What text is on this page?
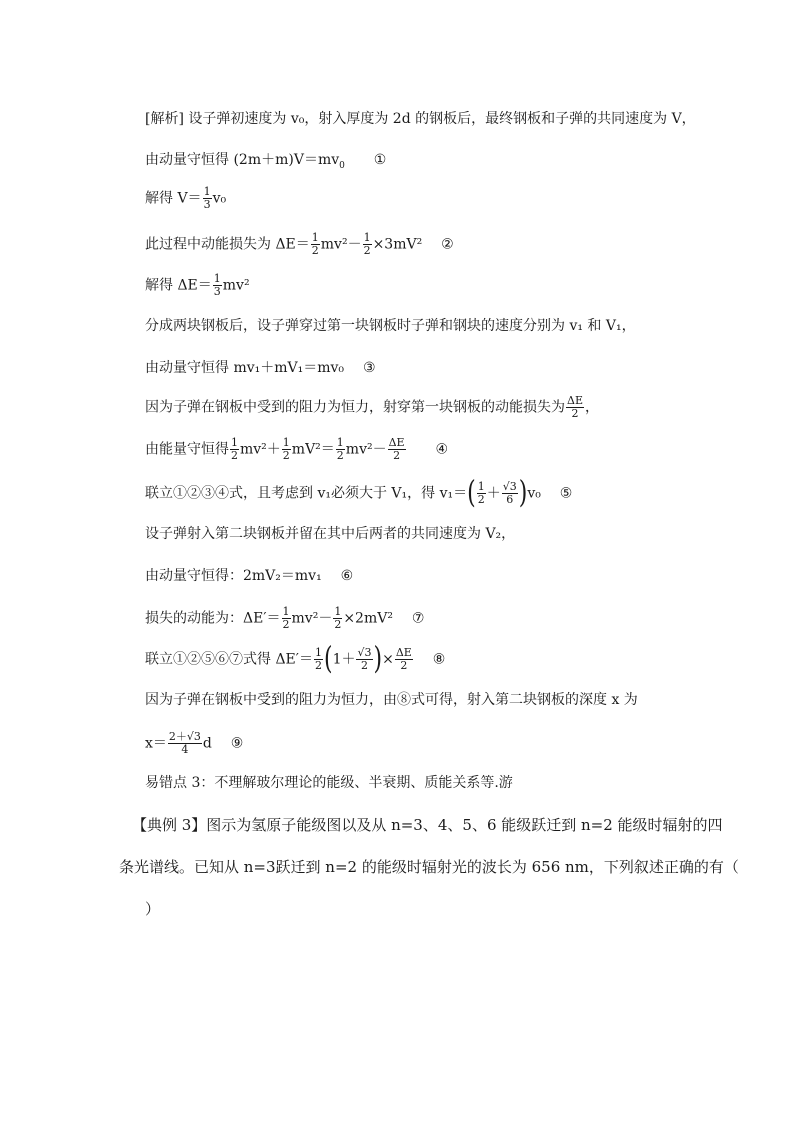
[解析] 设子弹初速度为 v₀，射入厚度为 2d 的钢板后，最终钢板和子弹的共同速度为 V，
由动量守恒得 $(2m+m)V=mv_0$ ①
解得 $V= \frac{1}{3} v_0$
此过程中动能损失为 $\Delta E= \frac{1}{2} mv^2- \frac{1}{2} \times 3mV^2$ ②
解得 $\Delta E= \frac{1}{3} mv^2$
分成两块钢板后，设子弹穿过第一块钢板时子弹和钢块的速度分别为 v₁ 和 V₁，
由动量守恒得 mv₁＋mV₁＝mv₀ ③
因为子弹在钢板中受到的阻力为恒力，射穿第一块钢板的动能损失为 $\frac{\Delta E}{2}$ ，
由能量守恒得 $\frac{1}{2} mv^2+ \frac{1}{2} mV^2= \frac{1}{2} mv^2- \frac{\Delta E}{2}$ ④
联立①②③④式，且考虑到 v₁必须大于 V₁，得 $v_1=( \frac{1}{2} + \frac{√3}{6} )v_0$ ⑤
设子弹射入第二块钢板并留在其中后两者的共同速度为 V₂，
由动量守恒得：2mV₂＝mv₁ ⑥
损失的动能为：$\Delta E'= \frac{1}{2} mv^2- \frac{1}{2} \times 2mV^2$ ⑦
联立①②⑤⑥⑦式得 $\Delta E'= \frac{1}{2} (1+ \frac{√3}{2}$ )× $\frac{\Delta E}{2}$ ⑧
因为子弹在钢板中受到的阻力为恒力，由⑧式可得，射入第二块钢板的深度 x 为
$x= \frac{2+√3}{4}$ d ⑨
易错点 3：不理解玻尔理论的能级、半衰期、质能关系等.游
【典例 3】图示为氢原子能级图以及从 n=3、4、5、6 能级跃迁到 n=2 能级时辐射的四
条光谱线。已知从 n=3跃迁到 n=2 的能级时辐射光的波长为 656 nm，下列叙述正确的有（
）
